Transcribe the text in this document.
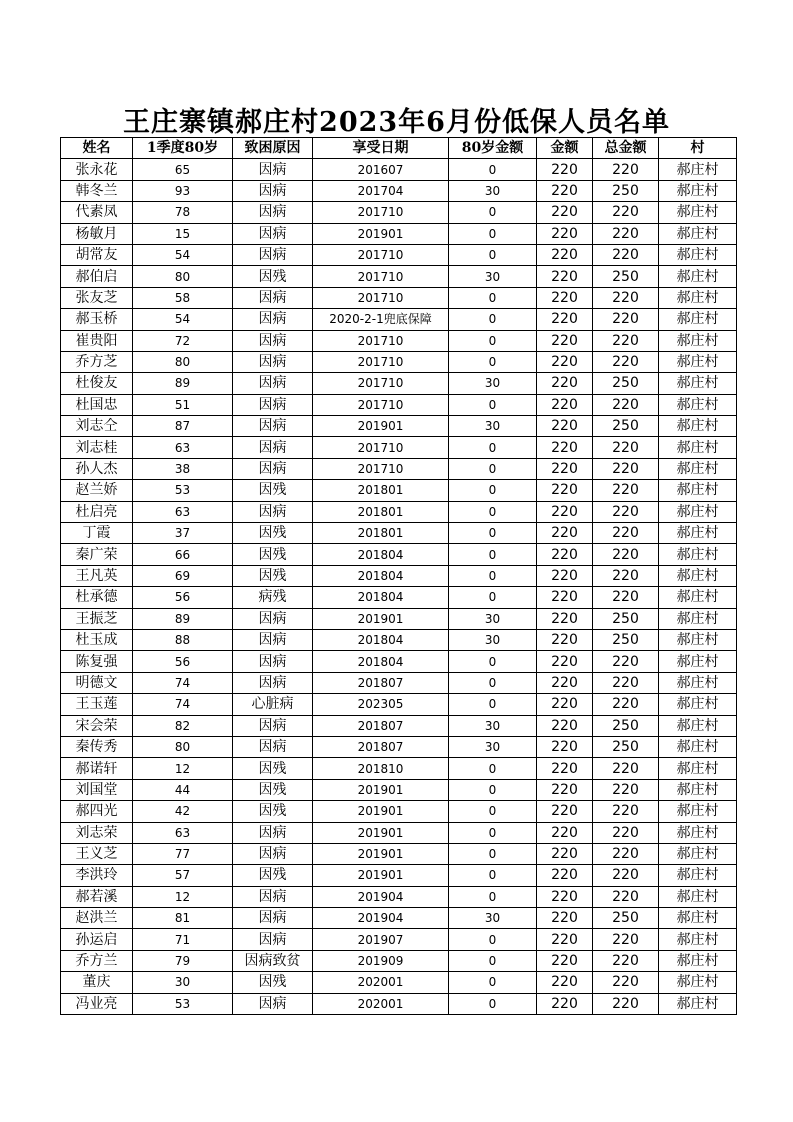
王庄寨镇郝庄村2023年6月份低保人员名单
姓名	1季度80岁	致困原因	享受日期	80岁金额	金额	总金额	村
张永花	65	因病	201607	0	220	220	郝庄村
韩冬兰	93	因病	201704	30	220	250	郝庄村
代素凤	78	因病	201710	0	220	220	郝庄村
杨敏月	15	因病	201901	0	220	220	郝庄村
胡常友	54	因病	201710	0	220	220	郝庄村
郝伯启	80	因残	201710	30	220	250	郝庄村
张友芝	58	因病	201710	0	220	220	郝庄村
郝玉桥	54	因病	2020-2-1兜底保障	0	220	220	郝庄村
崔贵阳	72	因病	201710	0	220	220	郝庄村
乔方芝	80	因病	201710	0	220	220	郝庄村
杜俊友	89	因病	201710	30	220	250	郝庄村
杜国忠	51	因病	201710	0	220	220	郝庄村
刘志仝	87	因病	201901	30	220	250	郝庄村
刘志桂	63	因病	201710	0	220	220	郝庄村
孙人杰	38	因病	201710	0	220	220	郝庄村
赵兰娇	53	因残	201801	0	220	220	郝庄村
杜启亮	63	因病	201801	0	220	220	郝庄村
丁霞	37	因残	201801	0	220	220	郝庄村
秦广荣	66	因残	201804	0	220	220	郝庄村
王凡英	69	因残	201804	0	220	220	郝庄村
杜承德	56	病残	201804	0	220	220	郝庄村
王振芝	89	因病	201901	30	220	250	郝庄村
杜玉成	88	因病	201804	30	220	250	郝庄村
陈复强	56	因病	201804	0	220	220	郝庄村
明德文	74	因病	201807	0	220	220	郝庄村
王玉莲	74	心脏病	202305	0	220	220	郝庄村
宋会荣	82	因病	201807	30	220	250	郝庄村
秦传秀	80	因病	201807	30	220	250	郝庄村
郝诺轩	12	因残	201810	0	220	220	郝庄村
刘国堂	44	因残	201901	0	220	220	郝庄村
郝四光	42	因残	201901	0	220	220	郝庄村
刘志荣	63	因病	201901	0	220	220	郝庄村
王义芝	77	因病	201901	0	220	220	郝庄村
李洪玲	57	因残	201901	0	220	220	郝庄村
郝若溪	12	因病	201904	0	220	220	郝庄村
赵洪兰	81	因病	201904	30	220	250	郝庄村
孙运启	71	因病	201907	0	220	220	郝庄村
乔方兰	79	因病致贫	201909	0	220	220	郝庄村
董庆	30	因残	202001	0	220	220	郝庄村
冯业亮	53	因病	202001	0	220	220	郝庄村
